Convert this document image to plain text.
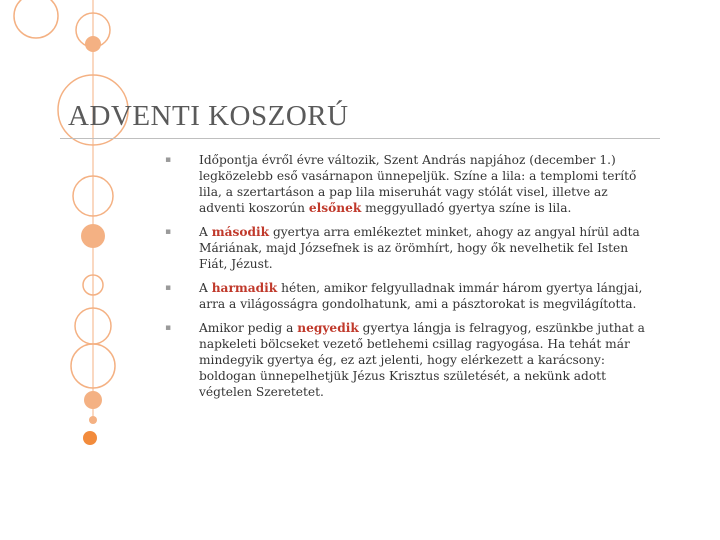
ADVENTI KOSZORÚ
▪ Időpontja évről évre változik, Szent András napjához (december 1.) legközelebb eső vasárnapon ünnepeljük. Színe a lila: a templomi terítő lila, a szertartáson a pap lila miseruhát vagy stólát visel, illetve az adventi koszorún elsőnek meggyulladó gyertya színe is lila.
▪ A második gyertya arra emlékeztet minket, ahogy az angyal hírül adta Máriának, majd Józsefnek is az örömhírt, hogy ők nevelhetik fel Isten Fiát, Jézust.
▪ A harmadik héten, amikor felgyulladnak immár három gyertya lángjai, arra a világosságra gondolhatunk, ami a pásztorokat is megvilágította.
▪ Amikor pedig a negyedik gyertya lángja is felragyog, eszünkbe juthat a napkeleti bölcseket vezető betlehemi csillag ragyogása. Ha tehát már mindegyik gyertya ég, ez azt jelenti, hogy elérkezett a karácsony: boldogan ünnepelhetjük Jézus Krisztus születését, a nekünk adott végtelen Szeretetet.
